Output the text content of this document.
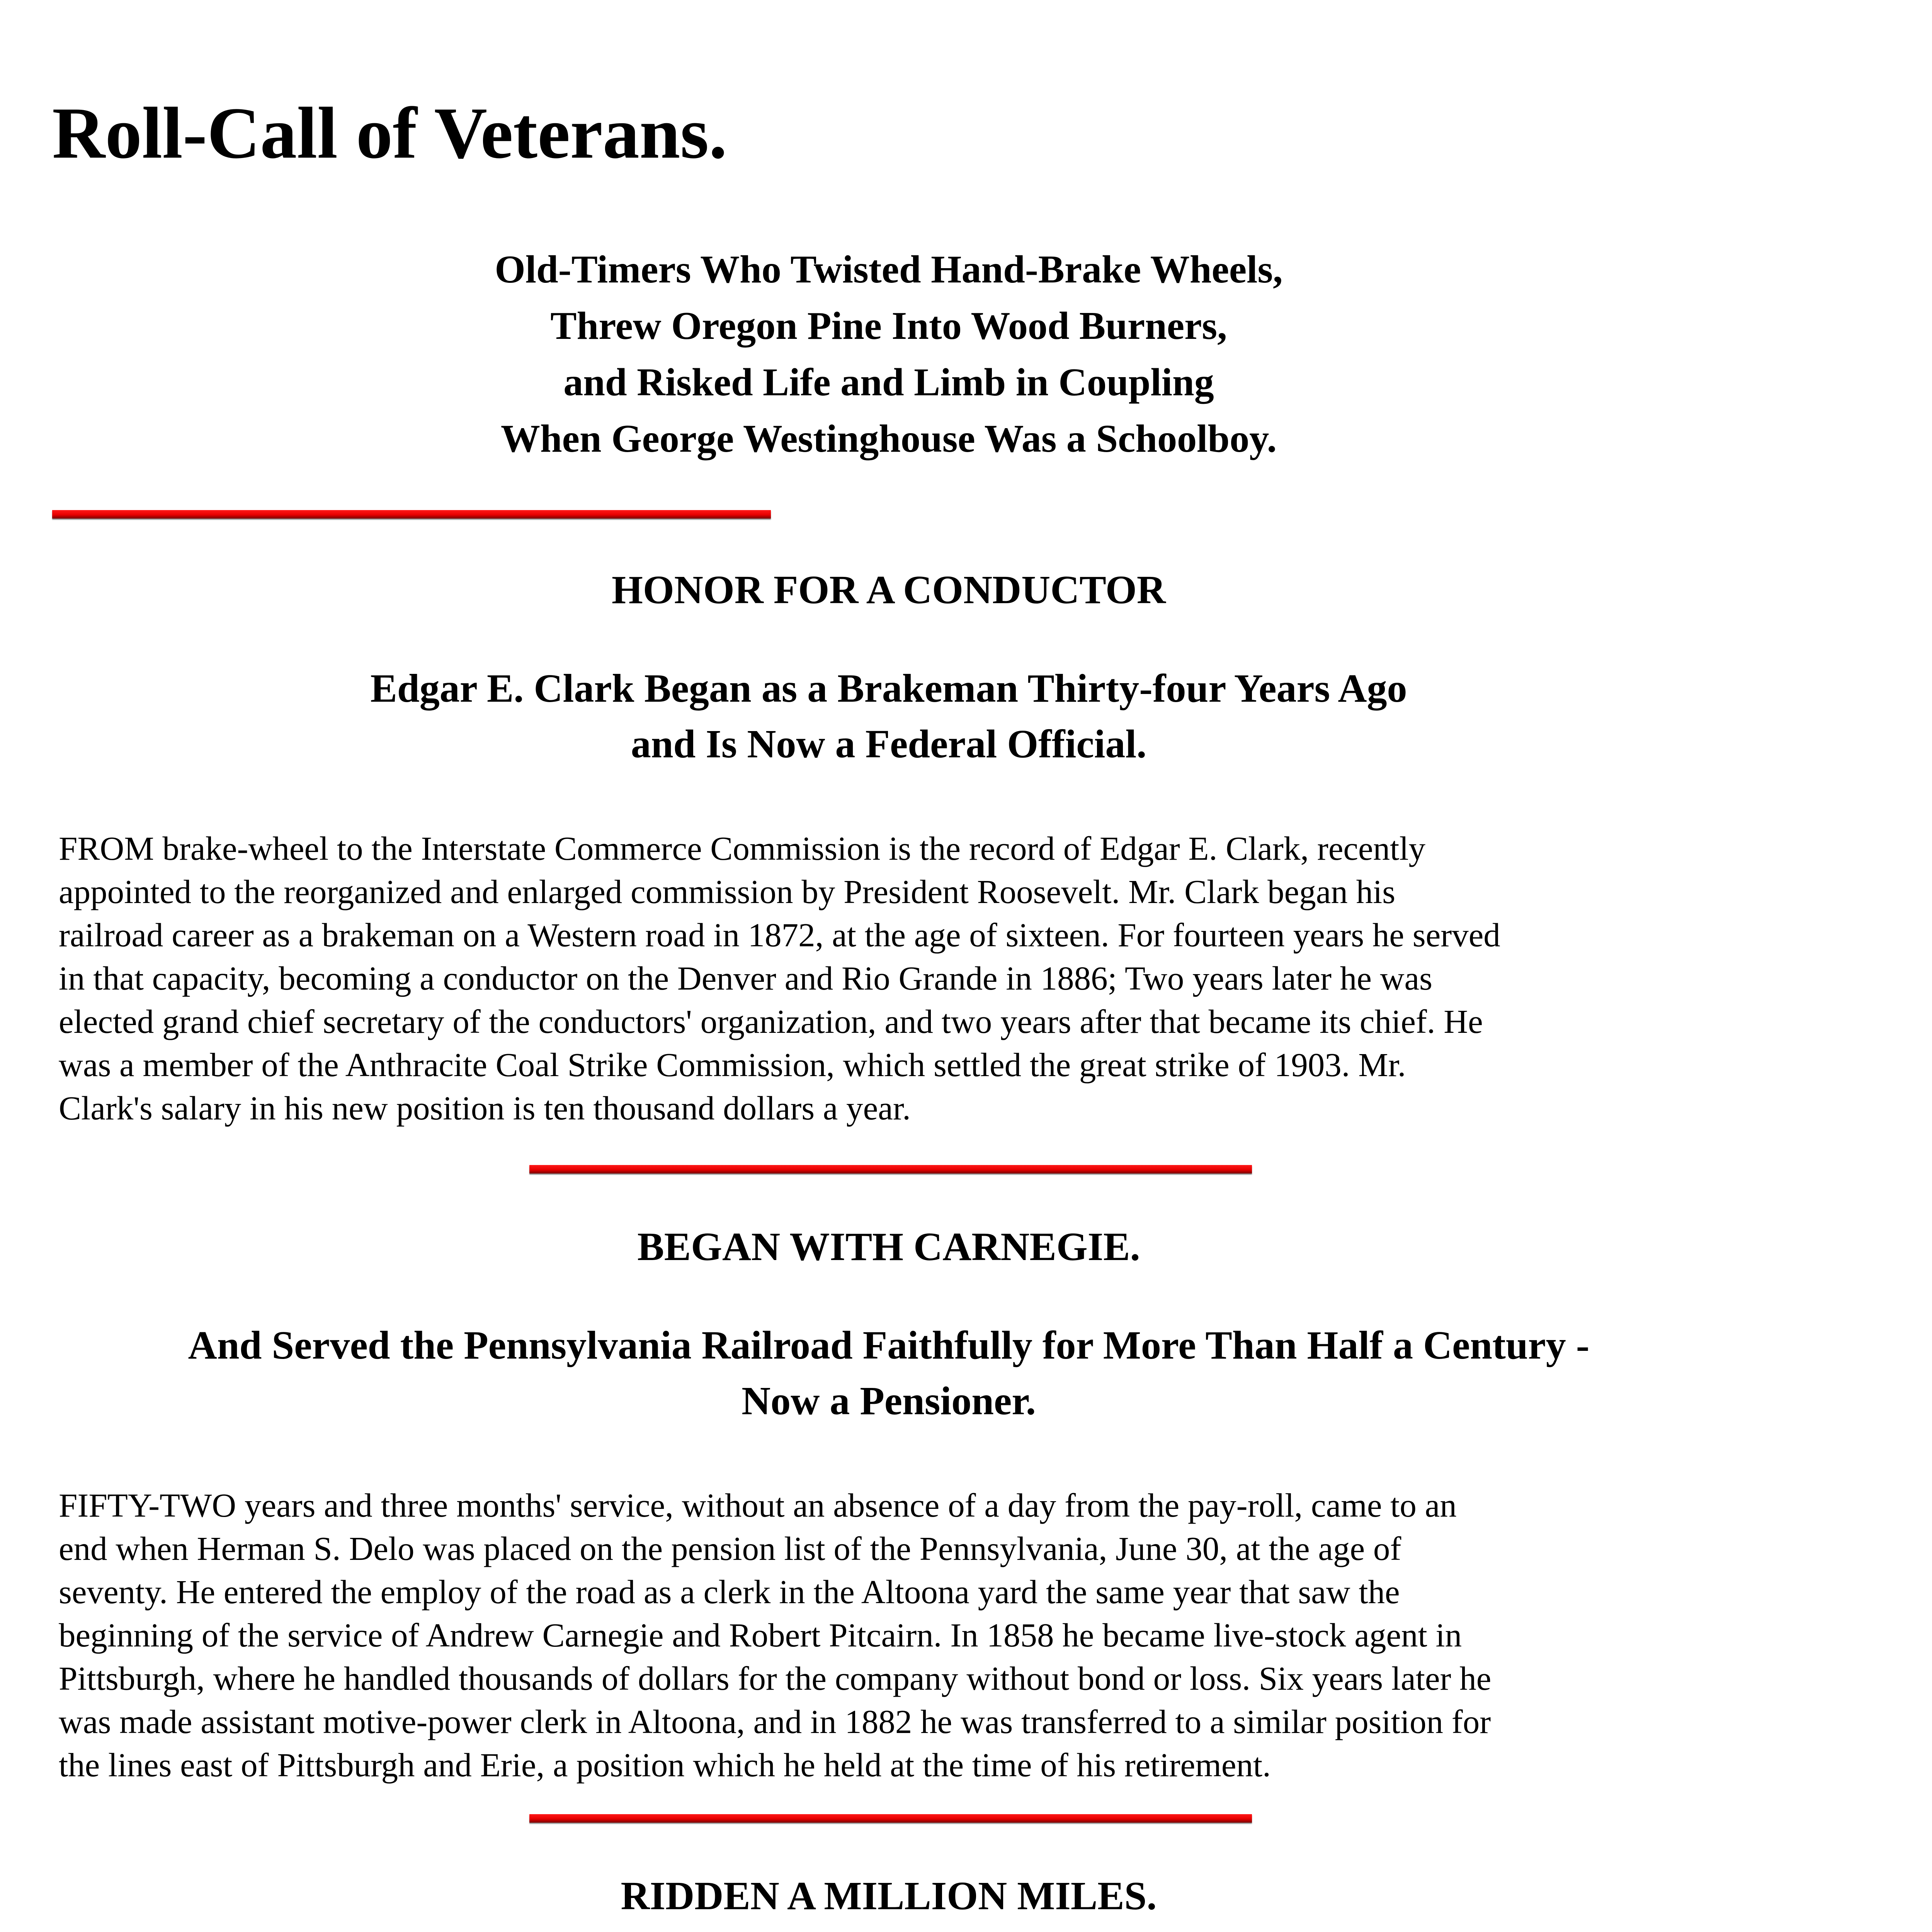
Roll-Call of Veterans.
Old-Timers Who Twisted Hand-Brake Wheels,
Threw Oregon Pine Into Wood Burners,
and Risked Life and Limb in Coupling
When George Westinghouse Was a Schoolboy.
HONOR FOR A CONDUCTOR
Edgar E. Clark Began as a Brakeman Thirty-four Years Ago
and Is Now a Federal Official.
FROM brake-wheel to the Interstate Commerce Commission is the record of Edgar E. Clark, recently
appointed to the reorganized and enlarged commission by President Roosevelt. Mr. Clark began his
railroad career as a brakeman on a Western road in 1872, at the age of sixteen. For fourteen years he served
in that capacity, becoming a conductor on the Denver and Rio Grande in 1886; Two years later he was
elected grand chief secretary of the conductors' organization, and two years after that became its chief. He
was a member of the Anthracite Coal Strike Commission, which settled the great strike of 1903. Mr.
Clark's salary in his new position is ten thousand dollars a year.
BEGAN WITH CARNEGIE.
And Served the Pennsylvania Railroad Faithfully for More Than Half a Century -
Now a Pensioner.
FIFTY-TWO years and three months' service, without an absence of a day from the pay-roll, came to an
end when Herman S. Delo was placed on the pension list of the Pennsylvania, June 30, at the age of
seventy. He entered the employ of the road as a clerk in the Altoona yard the same year that saw the
beginning of the service of Andrew Carnegie and Robert Pitcairn. In 1858 he became live-stock agent in
Pittsburgh, where he handled thousands of dollars for the company without bond or loss. Six years later he
was made assistant motive-power clerk in Altoona, and in 1882 he was transferred to a similar position for
the lines east of Pittsburgh and Erie, a position which he held at the time of his retirement.
RIDDEN A MILLION MILES.
